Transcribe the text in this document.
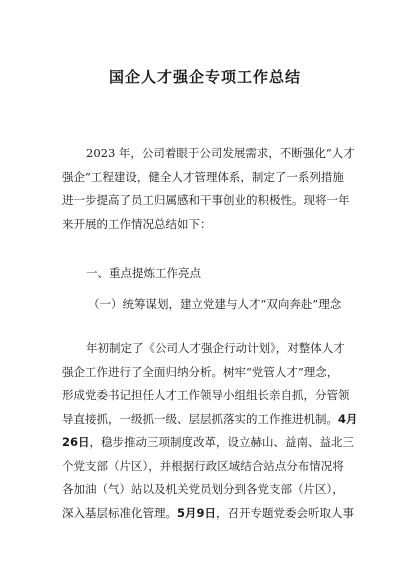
国企人才强企专项工作总结

2023 年，公司着眼于公司发展需求，不断强化“人才

强企”工程建设，健全人才管理体系，制定了一系列措施

进一步提高了员工归属感和干事创业的积极性。现将一年

来开展的工作情况总结如下：

一、重点提炼工作亮点
（一）统筹谋划，建立党建与人才“双向奔赴”理念

年初制定了《公司人才强企行动计划》，对整体人才

强企工作进行了全面归纳分析。树牢“党管人才”理念，

形成党委书记担任人才工作领导小组组长亲自抓，分管领

导直接抓，一级抓一级、层层抓落实的工作推进机制。4月

26日，稳步推动三项制度改革，设立赫山、益南、益北三

个党支部（片区），并根据行政区域结合站点分布情况将

各加油（气）站以及机关党员划分到各党支部（片区），

深入基层标准化管理。5月9日，召开专题党委会听取人事
